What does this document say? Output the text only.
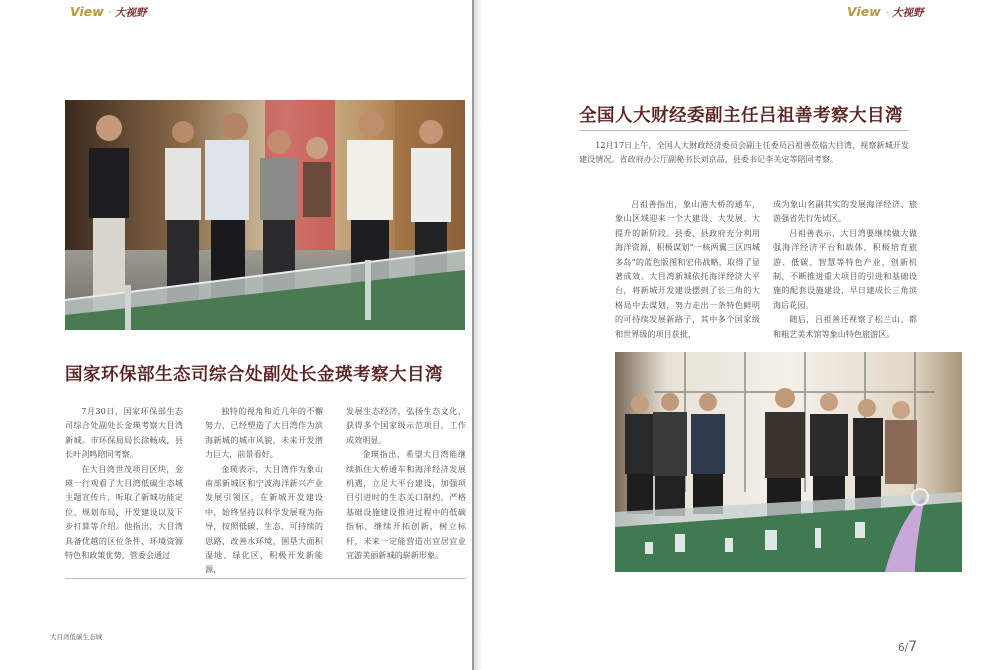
View · 大视野
国家环保部生态司综合处副处长金瑛考察大目湾

7月30日，国家环保部生态司综合处副处长金瑛考察大目湾新城。市环保局局长徐畅成，县长叶剑鸣陪同考察。

在大目湾世茂项目区块，金瑛一行观看了大目湾低碳生态城主题宣传片，听取了新城功能定位、规划布局、开发建设以及下步打算等介绍。他指出，大目湾具备优越的区位条件、环境资源特色和政策优势，管委会通过

独特的视角和近几年的不懈努力，已经塑造了大目湾作为滨海新城的城市风貌，未来开发潜力巨大，前景看好。

金瑛表示，大目湾作为象山南部新城区和宁波海洋新兴产业发展引领区，在新城开发建设中，始终坚持以科学发展观为指导，按照低碳、生态、可持续的思路，改善水环境，围垦大面积湿地、绿化区，积极开发新能源，

发展生态经济，弘扬生态文化，获得多个国家级示范项目，工作成效明显。

金瑛指出，希望大目湾能继续抓住大桥通车和海洋经济发展机遇，立足大平台建设，加强项目引进时的生态关口制约，严格基础设施建设推进过程中的低碳指标，继续开拓创新，树立标杆，未来一定能营造出宜居宜业宜游美丽新城的崭新形象。

大目湾低碳生态城
View · 大视野
全国人大财经委副主任吕祖善考察大目湾

12月17日上午，全国人大财政经济委员会副主任委员吕祖善莅临大目湾，视察新城开发建设情况。省政府办公厅副秘书长刘京品，县委书记李关定等陪同考察。

吕祖善指出，象山港大桥的通车，象山区域迎来一个大建设、大发展、大提升的新阶段。县委、县政府充分利用海洋资源，积极谋划“一核两翼三区四城多岛”的蓝色版图和宏伟战略，取得了显著成效。大目湾新城依托海洋经济大平台，将新城开发建设摆到了长三角的大格局中去谋划，努力走出一条特色鲜明的可持续发展新路子，其中多个国家级和世界级的项目获批，

成为象山名副其实的发展海洋经济、旅游强省先行先试区。

吕祖善表示，大目湾要继续做大做强海洋经济平台和载体，积极培育旅游、低碳、智慧等特色产业，创新机制，不断推进重大项目的引进和基础设施的配套设施建设，早日建成长三角滨海后花园。

随后，吕祖善还视察了松兰山、都和粗艺美术馆等象山特色旅游区。

6/7
